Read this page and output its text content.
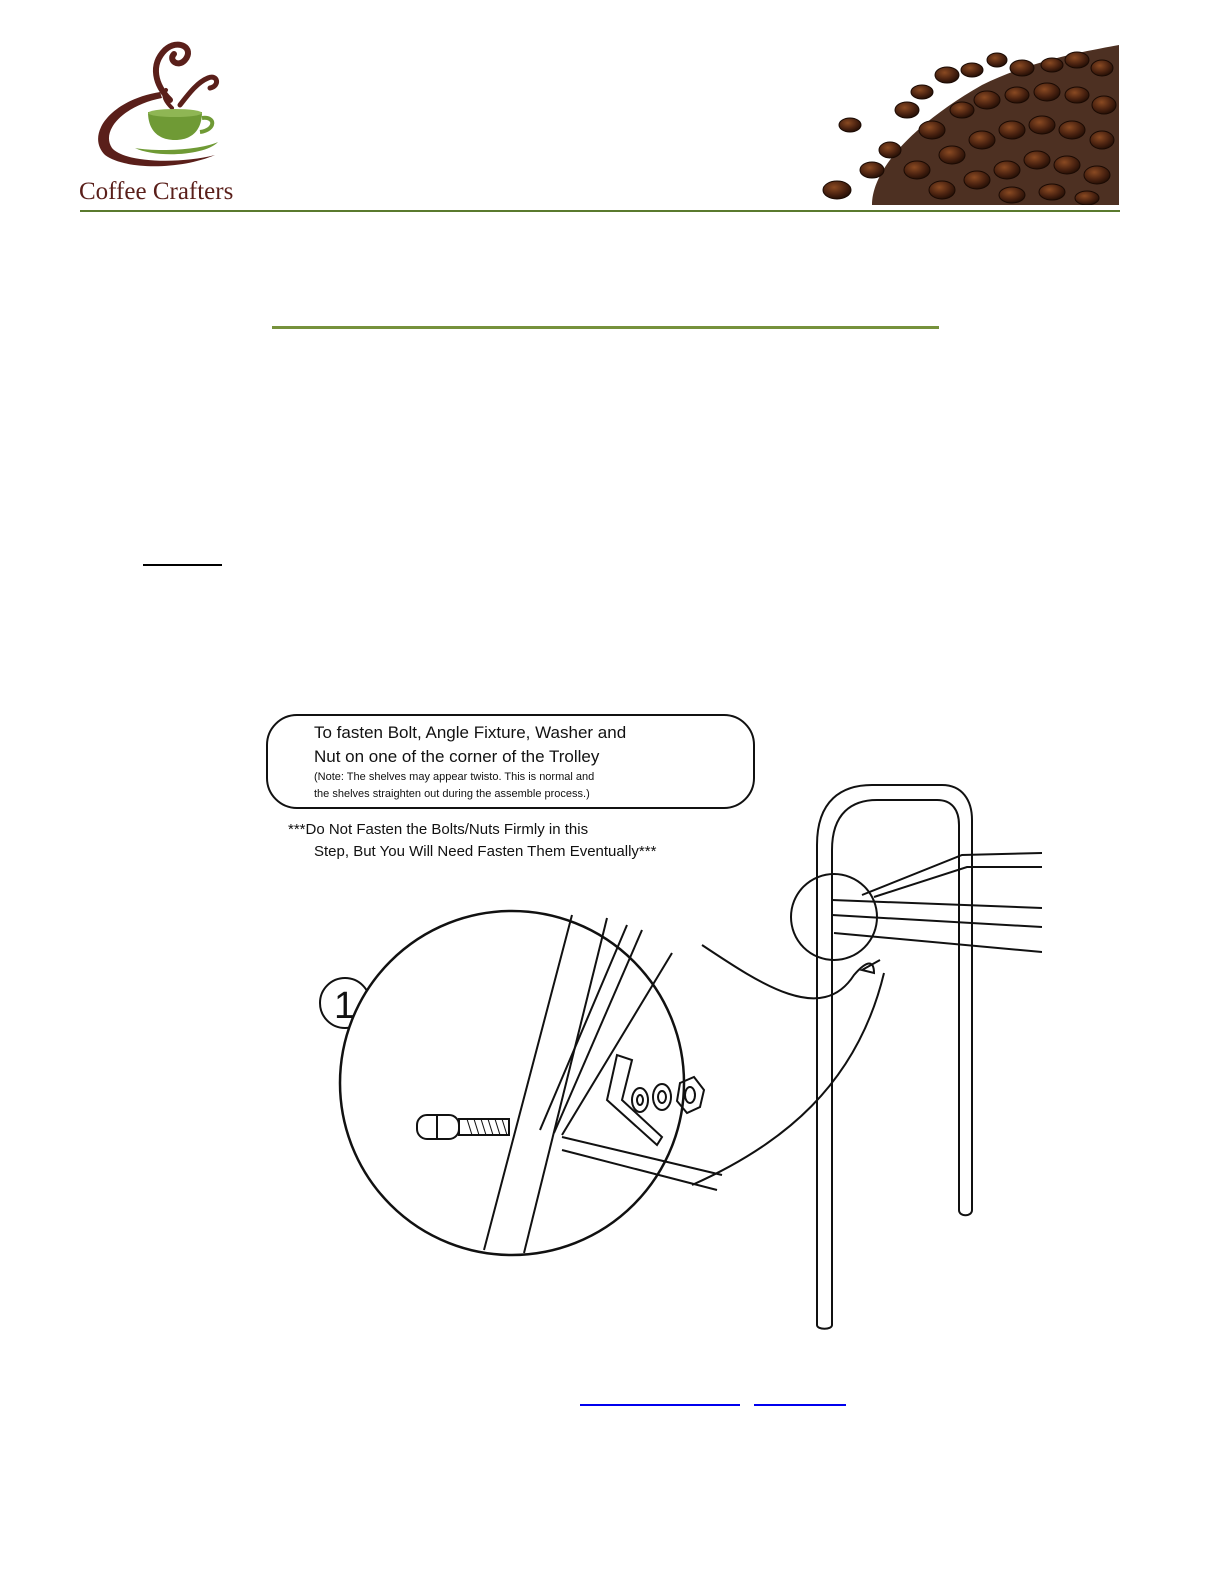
Coffee Crafters
To fasten Bolt, Angle Fixture, Washer and
Nut on one of the corner of the Trolley
(Note: The shelves may appear twisto. This is normal and
the shelves straighten out during the assemble process.)
***Do Not Fasten the Bolts/Nuts Firmly in this
Step, But You Will Need Fasten Them Eventually***
1
